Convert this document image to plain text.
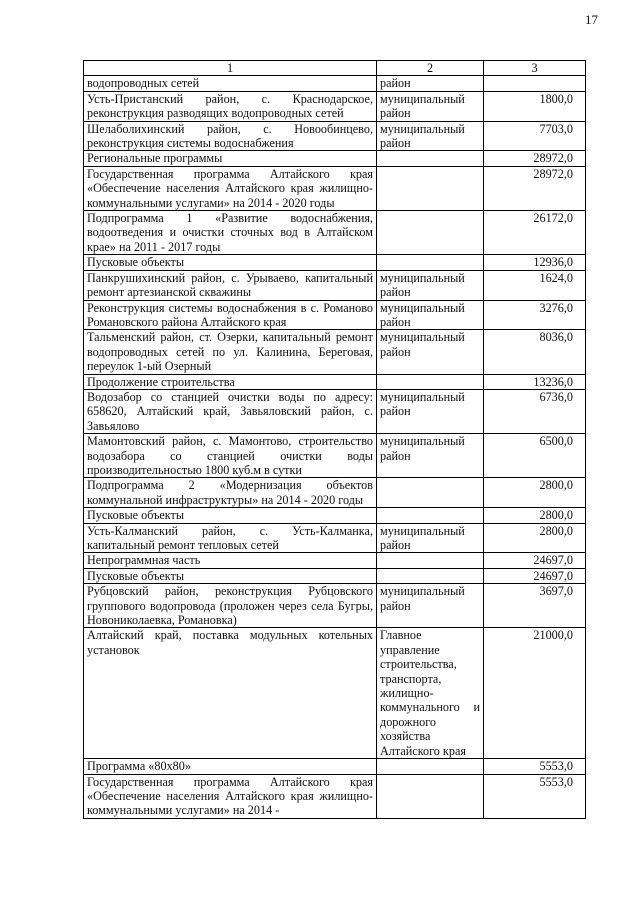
17
1	2	3
водопроводных сетей	район	
Усть-Пристанский район, с. Краснодарское, реконструкция разводящих водопроводных сетей	муниципальный район	1800,0
Шелаболихинский район, с. Новообинцево, реконструкция системы водоснабжения	муниципальный район	7703,0
Региональные программы		28972,0
Государственная программа Алтайского края «Обеспечение населения Алтайского края жилищно-коммунальными услугами» на 2014 - 2020 годы		28972,0
Подпрограмма 1 «Развитие водоснабжения, водоотведения и очистки сточных вод в Алтайском крае» на 2011 - 2017 годы		26172,0
Пусковые объекты		12936,0
Панкрушихинский район, с. Урываево, капитальный ремонт артезианской скважины	муниципальный район	1624,0
Реконструкция системы водоснабжения в с. Романово Романовского района Алтайского края	муниципальный район	3276,0
Тальменский район, ст. Озерки, капитальный ремонт водопроводных сетей по ул. Калинина, Береговая, переулок 1-ый Озерный	муниципальный район	8036,0
Продолжение строительства		13236,0
Водозабор со станцией очистки воды по адресу: 658620, Алтайский край, Завьяловский район, с. Завьялово	муниципальный район	6736,0
Мамонтовский район, с. Мамонтово, строительство водозабора со станцией очистки воды производительностью 1800 куб.м в сутки	муниципальный район	6500,0
Подпрограмма 2 «Модернизация объектов коммунальной инфраструктуры» на 2014 - 2020 годы		2800,0
Пусковые объекты		2800,0
Усть-Калманский район, с. Усть-Калманка, капитальный ремонт тепловых сетей	муниципальный район	2800,0
Непрограммная часть		24697,0
Пусковые объекты		24697,0
Рубцовский район, реконструкция Рубцовского группового водопровода (проложен через села Бугры, Новониколаевка, Романовка)	муниципальный район	3697,0
Алтайский край, поставка модульных котельных установок	Главное управление строительства, транспорта, жилищно-коммунального и дорожного хозяйства Алтайского края	21000,0
Программа «80х80»		5553,0
Государственная программа Алтайского края «Обеспечение населения Алтайского края жилищно-коммунальными услугами» на 2014 -		5553,0
